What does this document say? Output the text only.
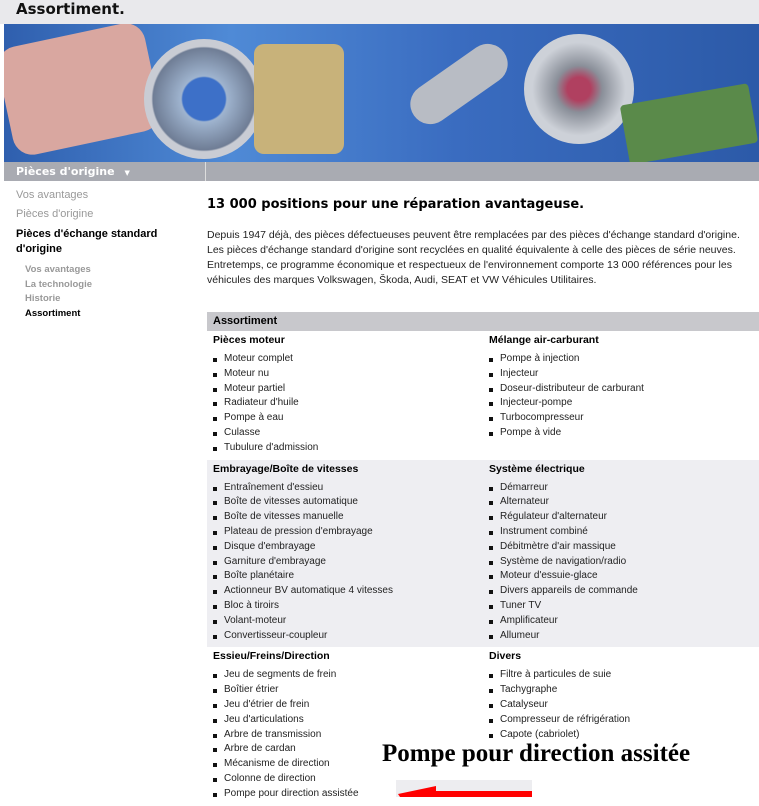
Assortiment.
Pièces d'origine ▼
Vos avantages
Pièces d'origine
Pièces d'échange standard d'origine
Vos avantages
La technologie
Historie
Assortiment
13 000 positions pour une réparation avantageuse.

Depuis 1947 déjà, des pièces défectueuses peuvent être remplacées par des pièces d'échange standard d'origine. Les pièces d'échange standard d'origine sont recyclées en qualité équivalente à celle des pièces de série neuves. Entretemps, ce programme économique et respectueux de l'environnement comporte 13 000 références pour les véhicules des marques Volkswagen, Škoda, Audi, SEAT et VW Véhicules Utilitaires.

Assortiment
Pièces moteur
Moteur complet
Moteur nu
Moteur partiel
Radiateur d'huile
Pompe à eau
Culasse
Tubulure d'admission
Mélange air-carburant
Pompe à injection
Injecteur
Doseur-distributeur de carburant
Injecteur-pompe
Turbocompresseur
Pompe à vide
Embrayage/Boîte de vitesses
Entraînement d'essieu
Boîte de vitesses automatique
Boîte de vitesses manuelle
Plateau de pression d'embrayage
Disque d'embrayage
Garniture d'embrayage
Boîte planétaire
Actionneur BV automatique 4 vitesses
Bloc à tiroirs
Volant-moteur
Convertisseur-coupleur
Système électrique
Démarreur
Alternateur
Régulateur d'alternateur
Instrument combiné
Débitmètre d'air massique
Système de navigation/radio
Moteur d'essuie-glace
Divers appareils de commande
Tuner TV
Amplificateur
Allumeur
Essieu/Freins/Direction
Jeu de segments de frein
Boîtier étrier
Jeu d'étrier de frein
Jeu d'articulations
Arbre de transmission
Arbre de cardan
Mécanisme de direction
Colonne de direction
Pompe pour direction assistée
Divers
Filtre à particules de suie
Tachygraphe
Catalyseur
Compresseur de réfrigération
Capote (cabriolet)
Pompe pour direction assitée
